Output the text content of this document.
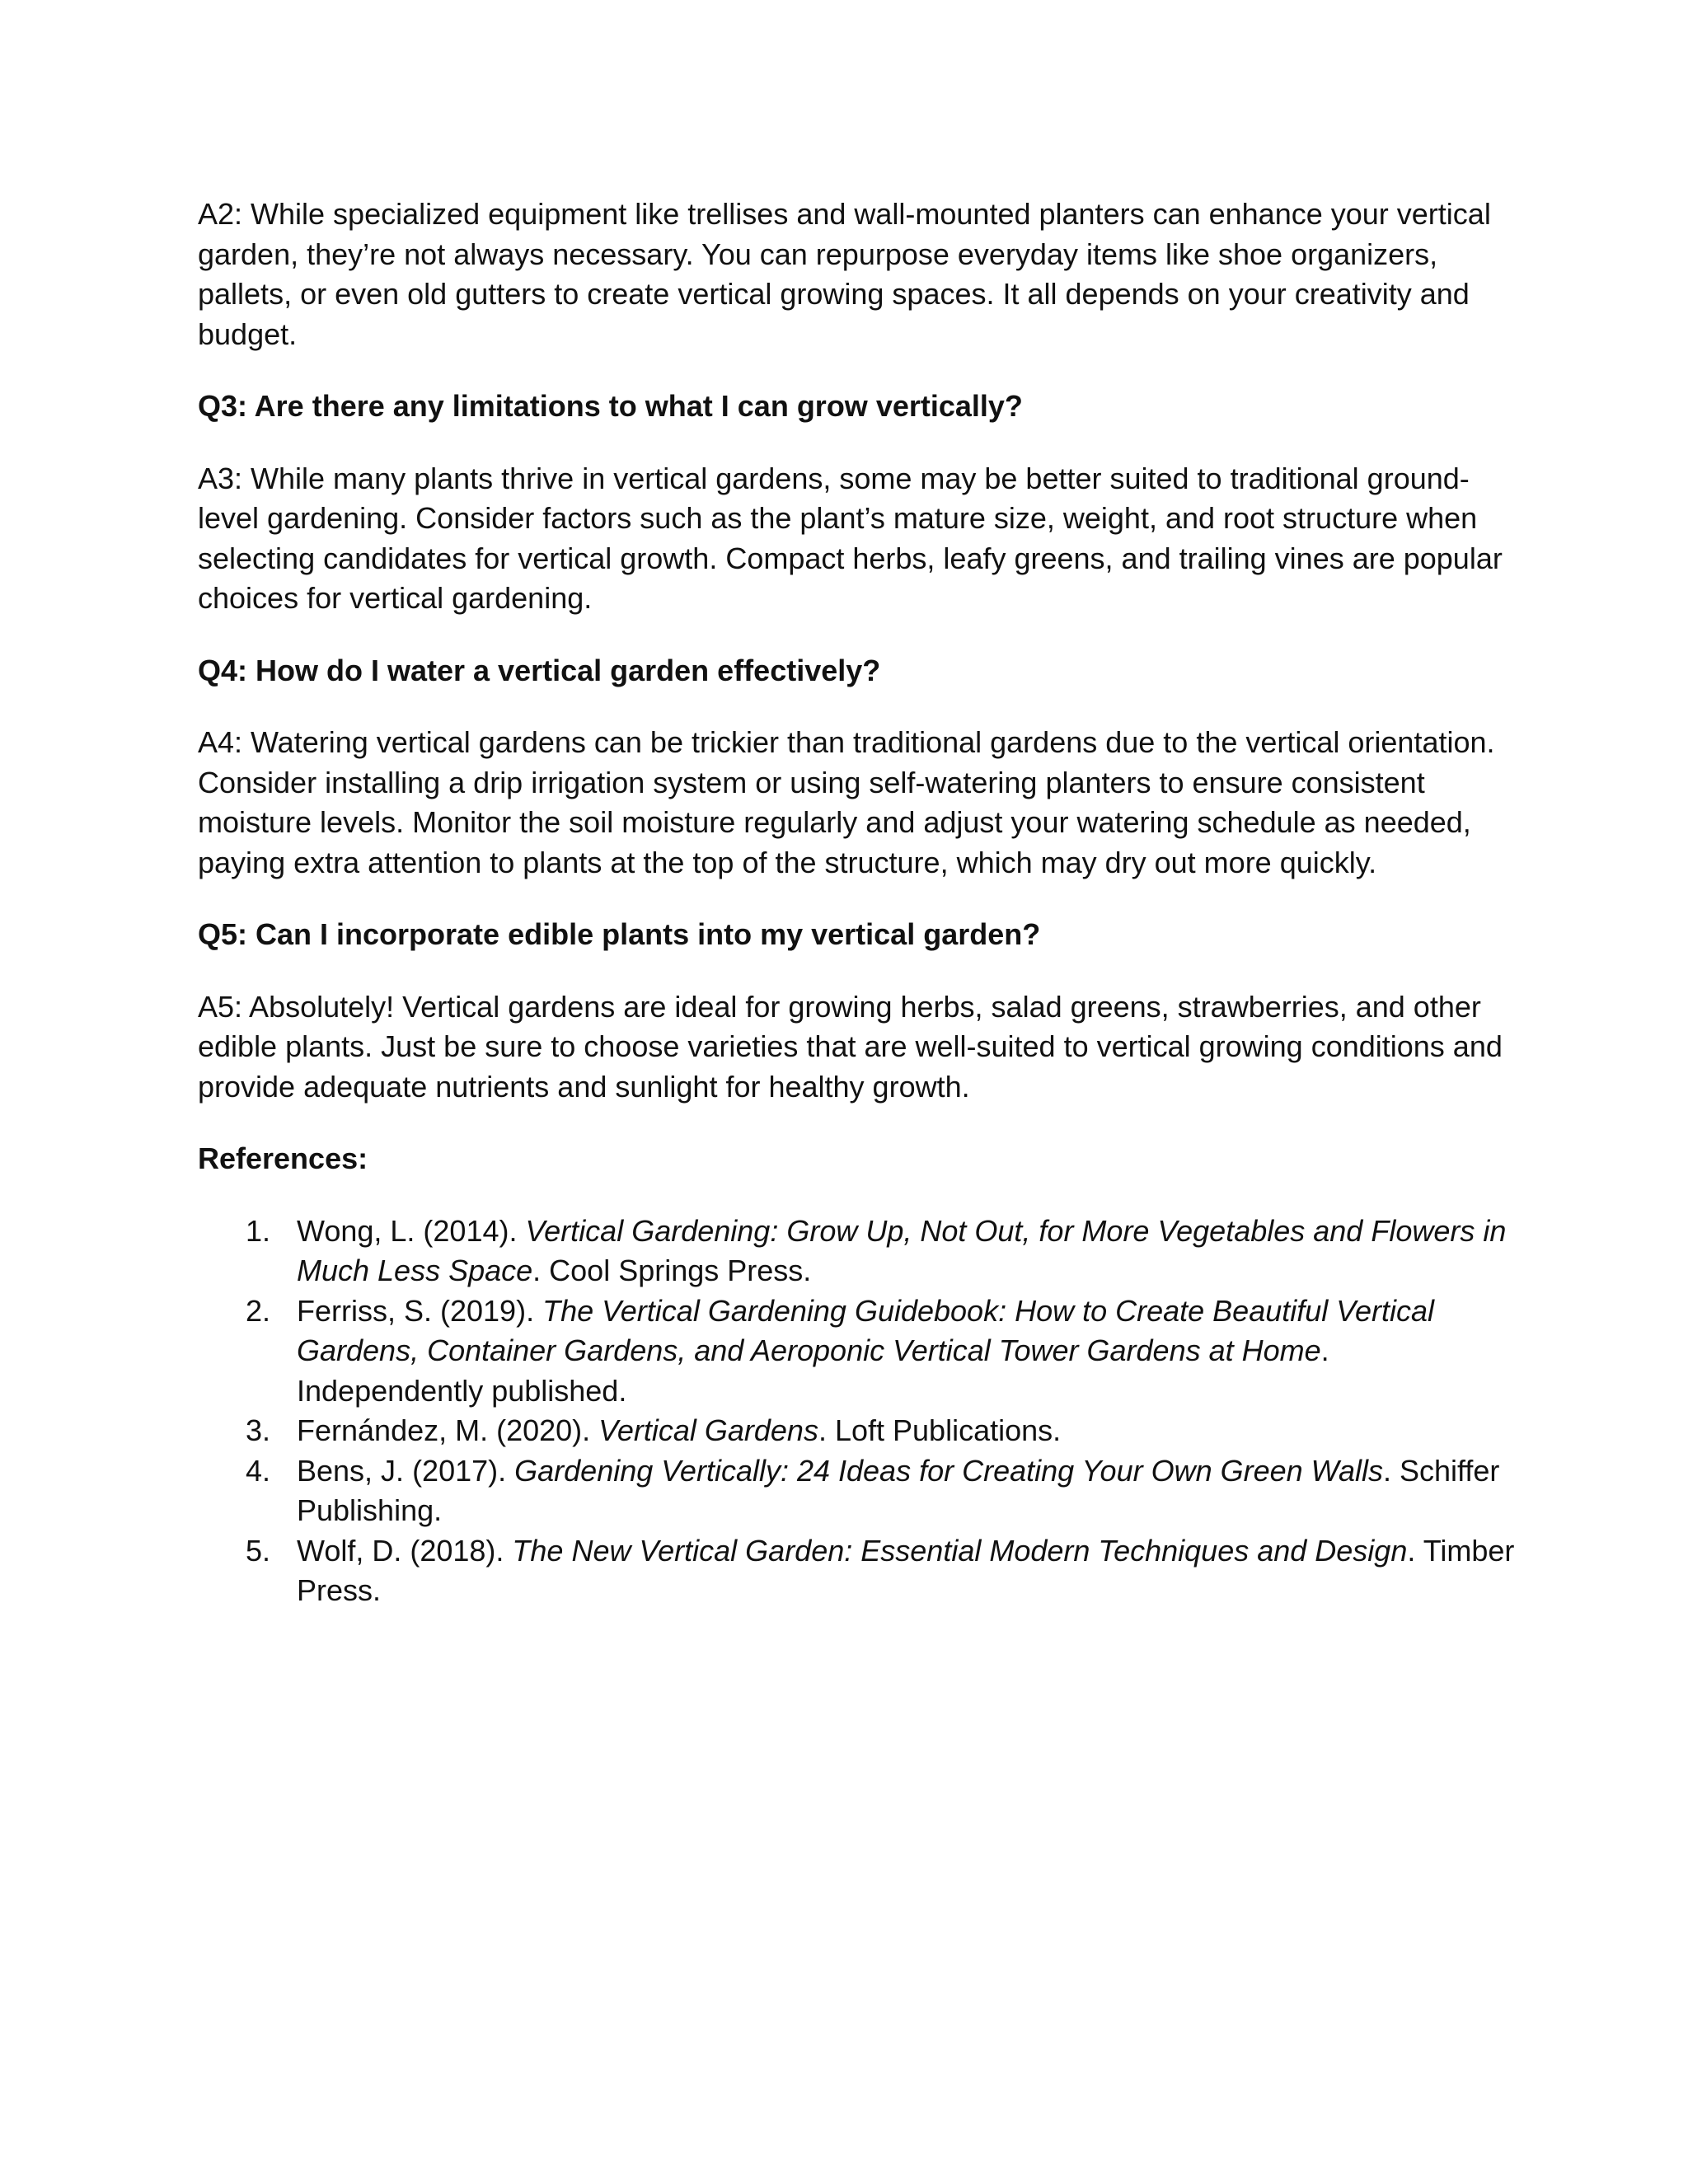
A2: While specialized equipment like trellises and wall-mounted planters can enhance your vertical garden, they’re not always necessary. You can repurpose everyday items like shoe organizers, pallets, or even old gutters to create vertical growing spaces. It all depends on your creativity and budget.

Q3: Are there any limitations to what I can grow vertically?

A3: While many plants thrive in vertical gardens, some may be better suited to traditional ground-level gardening. Consider factors such as the plant’s mature size, weight, and root structure when selecting candidates for vertical growth. Compact herbs, leafy greens, and trailing vines are popular choices for vertical gardening.

Q4: How do I water a vertical garden effectively?

A4: Watering vertical gardens can be trickier than traditional gardens due to the vertical orientation. Consider installing a drip irrigation system or using self-watering planters to ensure consistent moisture levels. Monitor the soil moisture regularly and adjust your watering schedule as needed, paying extra attention to plants at the top of the structure, which may dry out more quickly.

Q5: Can I incorporate edible plants into my vertical garden?

A5: Absolutely! Vertical gardens are ideal for growing herbs, salad greens, strawberries, and other edible plants. Just be sure to choose varieties that are well-suited to vertical growing conditions and provide adequate nutrients and sunlight for healthy growth.

References:

1. Wong, L. (2014). Vertical Gardening: Grow Up, Not Out, for More Vegetables and Flowers in Much Less Space. Cool Springs Press.
2. Ferriss, S. (2019). The Vertical Gardening Guidebook: How to Create Beautiful Vertical Gardens, Container Gardens, and Aeroponic Vertical Tower Gardens at Home. Independently published.
3. Fernández, M. (2020). Vertical Gardens. Loft Publications.
4. Bens, J. (2017). Gardening Vertically: 24 Ideas for Creating Your Own Green Walls. Schiffer Publishing.
5. Wolf, D. (2018). The New Vertical Garden: Essential Modern Techniques and Design. Timber Press.
